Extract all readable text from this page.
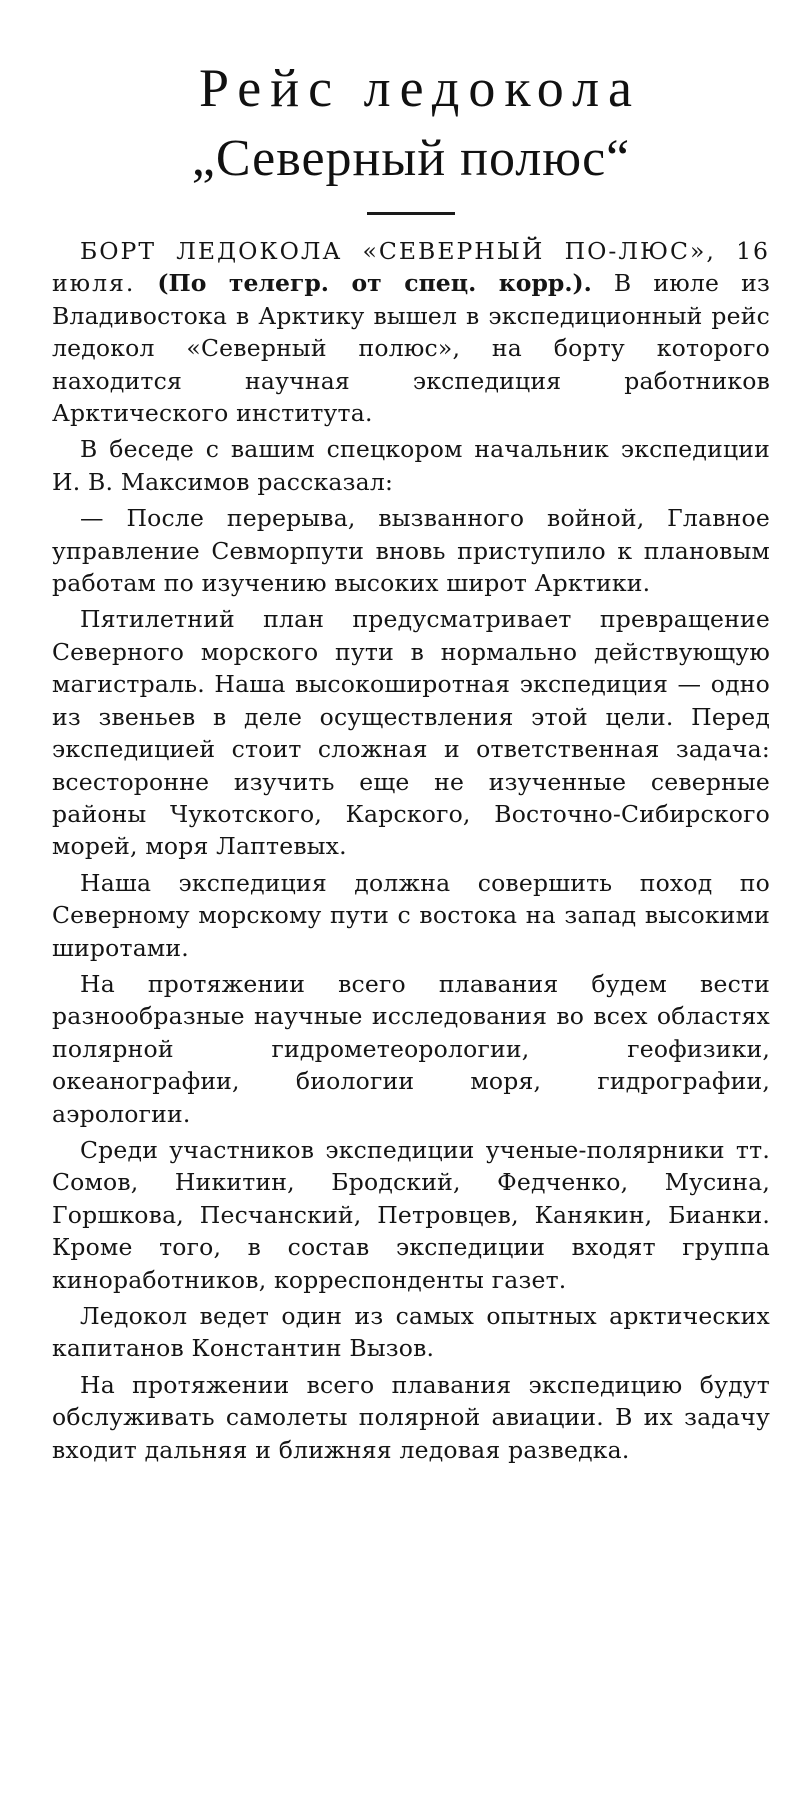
Рейс ледокола
„Северный полюс“

БОРТ ЛЕДОКОЛА «СЕВЕРНЫЙ ПО-ЛЮС», 16 июля. (По телегр. от спец. корр.). В июле из Владивостока в Арктику вышел в экспедиционный рейс ледокол «Северный полюс», на борту которого находится научная экспедиция работников Арктического института.

В беседе с вашим спецкором начальник экспедиции И. В. Максимов рассказал:

— После перерыва, вызванного войной, Главное управление Севморпути вновь приступило к плановым работам по изучению высоких широт Арктики.

Пятилетний план предусматривает превращение Северного морского пути в нормально действующую магистраль. Наша высокоширотная экспедиция — одно из звеньев в деле осуществления этой цели. Перед экспедицией стоит сложная и ответственная задача: всесторонне изучить еще не изученные северные районы Чукотского, Карского, Восточно-Сибирского морей, моря Лаптевых.

Наша экспедиция должна совершить поход по Северному морскому пути с востока на запад высокими широтами.

На протяжении всего плавания будем вести разнообразные научные исследования во всех областях полярной гидрометеорологии, геофизики, океанографии, биологии моря, гидрографии, аэрологии.

Среди участников экспедиции ученые-полярники тт. Сомов, Никитин, Бродский, Федченко, Мусина, Горшкова, Песчанский, Петровцев, Канякин, Бианки. Кроме того, в состав экспедиции входят группа киноработников, корреспонденты газет.

Ледокол ведет один из самых опытных арктических капитанов Константин Вызов.

На протяжении всего плавания экспедицию будут обслуживать самолеты полярной авиации. В их задачу входит дальняя и ближняя ледовая разведка.
